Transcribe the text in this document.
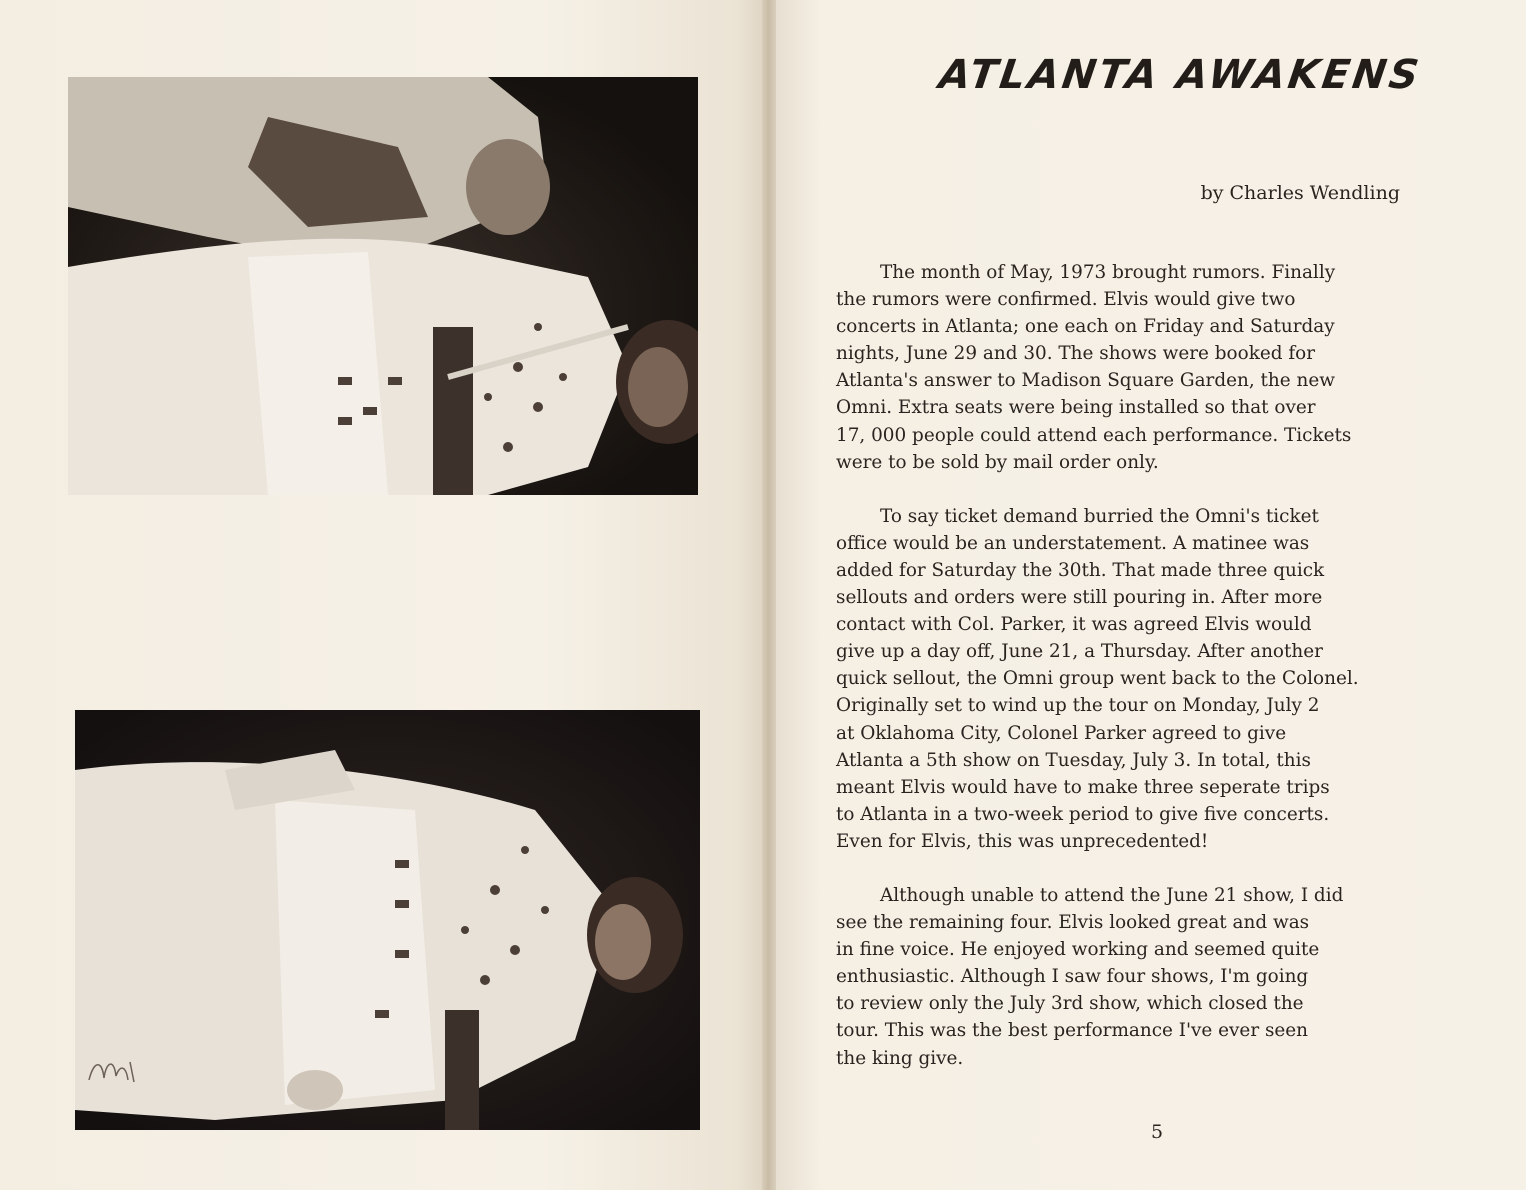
ATLANTA AWAKENS
by Charles Wendling
The month of May, 1973 brought rumors. Finally
the rumors were confirmed. Elvis would give two
concerts in Atlanta; one each on Friday and Saturday
nights, June 29 and 30. The shows were booked for
Atlanta's answer to Madison Square Garden, the new
Omni. Extra seats were being installed so that over
17, 000 people could attend each performance. Tickets
were to be sold by mail order only.
To say ticket demand burried the Omni's ticket
office would be an understatement. A matinee was
added for Saturday the 30th. That made three quick
sellouts and orders were still pouring in. After more
contact with Col. Parker, it was agreed Elvis would
give up a day off, June 21, a Thursday. After another
quick sellout, the Omni group went back to the Colonel.
Originally set to wind up the tour on Monday, July 2
at Oklahoma City, Colonel Parker agreed to give
Atlanta a 5th show on Tuesday, July 3. In total, this
meant Elvis would have to make three seperate trips
to Atlanta in a two-week period to give five concerts.
Even for Elvis, this was unprecedented!
Although unable to attend the June 21 show, I did
see the remaining four. Elvis looked great and was
in fine voice. He enjoyed working and seemed quite
enthusiastic. Although I saw four shows, I'm going
to review only the July 3rd show, which closed the
tour. This was the best performance I've ever seen
the king give.
5
